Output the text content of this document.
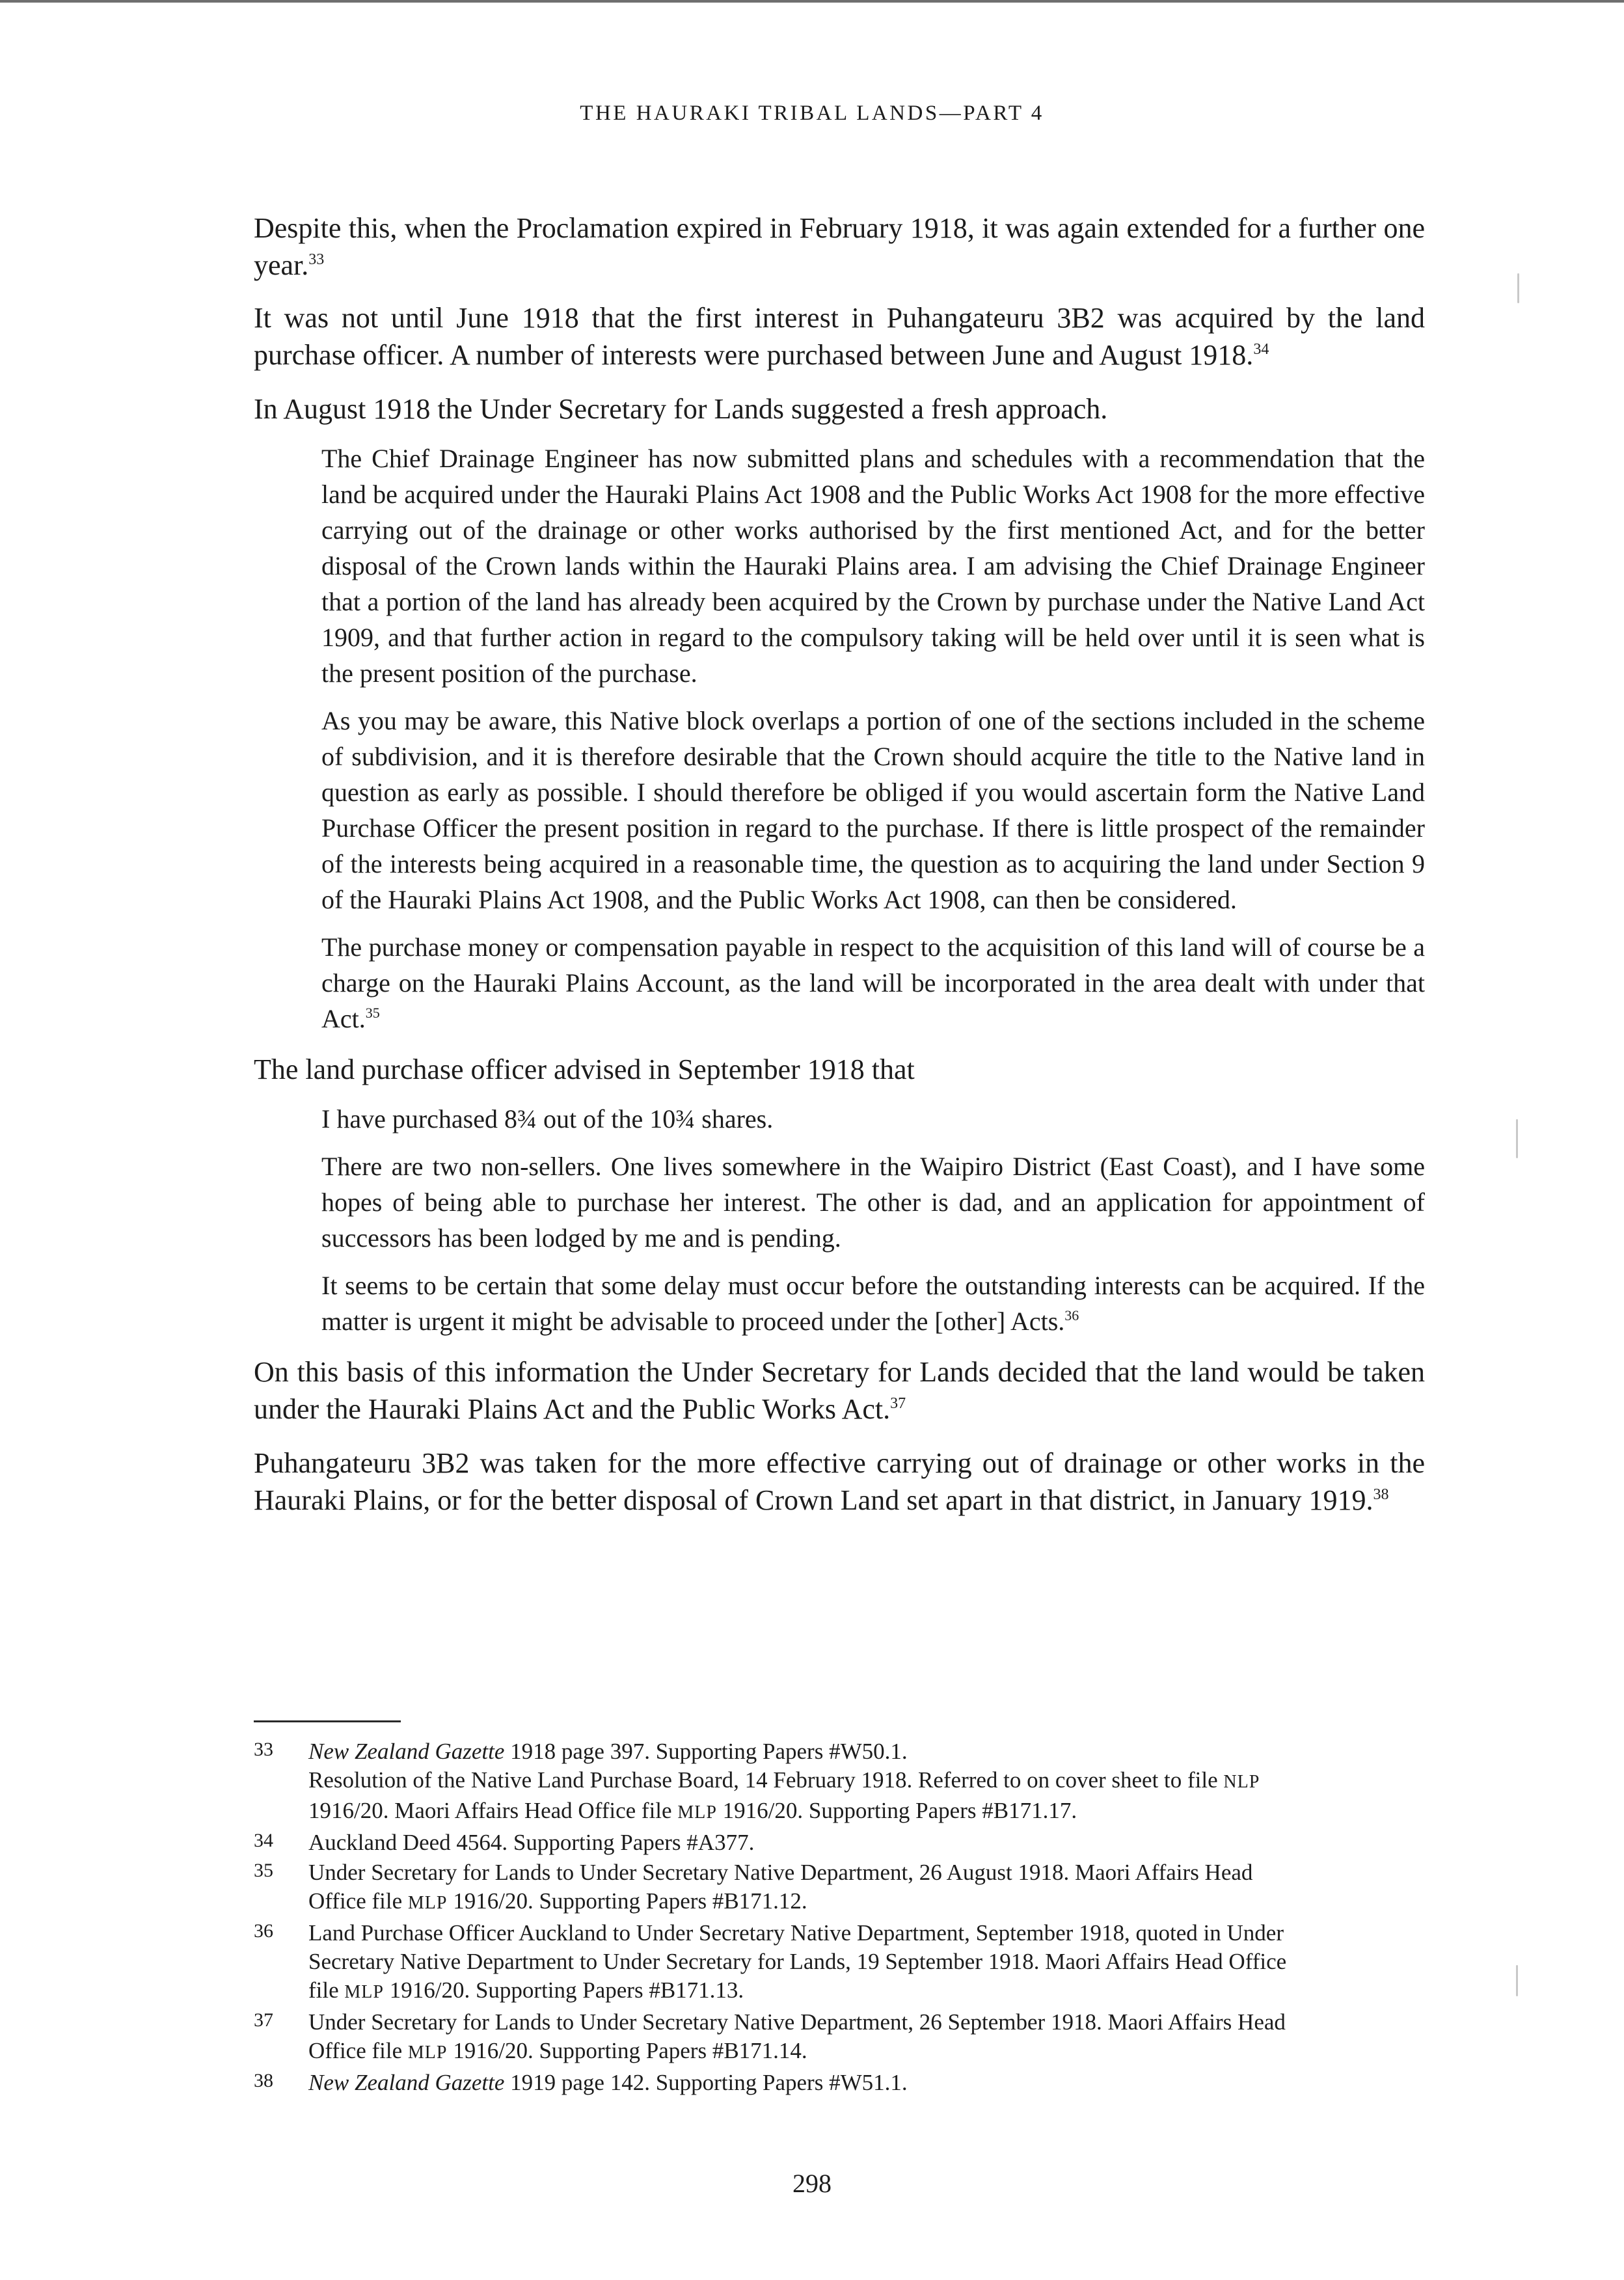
THE HAURAKI TRIBAL LANDS—PART 4

Despite this, when the Proclamation expired in February 1918, it was again extended for a further one year.$^{33}$

It was not until June 1918 that the first interest in Puhangateuru 3B2 was acquired by the land purchase officer. A number of interests were purchased between June and August 1918.34

In August 1918 the Under Secretary for Lands suggested a fresh approach.

The Chief Drainage Engineer has now submitted plans and schedules with a recommendation that the land be acquired under the Hauraki Plains Act 1908 and the Public Works Act 1908 for the more effective carrying out of the drainage or other works authorised by the first mentioned Act, and for the better disposal of the Crown lands within the Hauraki Plains area. I am advising the Chief Drainage Engineer that a portion of the land has already been acquired by the Crown by purchase under the Native Land Act 1909, and that further action in regard to the compulsory taking will be held over until it is seen what is the present position of the purchase.

As you may be aware, this Native block overlaps a portion of one of the sections included in the scheme of subdivision, and it is therefore desirable that the Crown should acquire the title to the Native land in question as early as possible. I should therefore be obliged if you would ascertain form the Native Land Purchase Officer the present position in regard to the purchase. If there is little prospect of the remainder of the interests being acquired in a reasonable time, the question as to acquiring the land under Section 9 of the Hauraki Plains Act 1908, and the Public Works Act 1908, can then be considered.

The purchase money or compensation payable in respect to the acquisition of this land will of course be a charge on the Hauraki Plains Account, as the land will be incorporated in the area dealt with under that Act.$^{35}$

The land purchase officer advised in September 1918 that

I have purchased 8¾ out of the 10¾ shares.

There are two non-sellers. One lives somewhere in the Waipiro District (East Coast), and I have some hopes of being able to purchase her interest. The other is dad, and an application for appointment of successors has been lodged by me and is pending.

It seems to be certain that some delay must occur before the outstanding interests can be acquired. If the matter is urgent it might be advisable to proceed under the [other] Acts.$^{36}$

On this basis of this information the Under Secretary for Lands decided that the land would be taken under the Hauraki Plains Act and the Public Works Act.$^{37}$

Puhangateuru 3B2 was taken for the more effective carrying out of drainage or other works in the Hauraki Plains, or for the better disposal of Crown Land set apart in that district, in January 1919.38

33	New Zealand Gazette 1918 page 397. Supporting Papers #W50.1.
Resolution of the Native Land Purchase Board, 14 February 1918. Referred to on cover sheet to file NLP
1916/20. Maori Affairs Head Office file MLP 1916/20. Supporting Papers #B171.17.
34	Auckland Deed 4564. Supporting Papers #A377.
35	Under Secretary for Lands to Under Secretary Native Department, 26 August 1918. Maori Affairs Head
Office file MLP 1916/20. Supporting Papers #B171.12.
36	Land Purchase Officer Auckland to Under Secretary Native Department, September 1918, quoted in Under
Secretary Native Department to Under Secretary for Lands, 19 September 1918. Maori Affairs Head Office
file MLP 1916/20. Supporting Papers #B171.13.
37	Under Secretary for Lands to Under Secretary Native Department, 26 September 1918. Maori Affairs Head
Office file MLP 1916/20. Supporting Papers #B171.14.
38	New Zealand Gazette 1919 page 142. Supporting Papers #W51.1.
298
